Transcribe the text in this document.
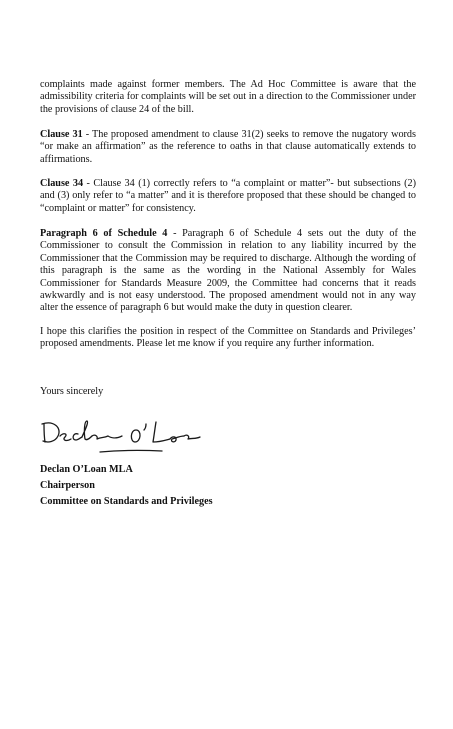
complaints made against former members. The Ad Hoc Committee is aware that the admissibility criteria for complaints will be set out in a direction to the Commissioner under the provisions of clause 24 of the bill.

Clause 31 - The proposed amendment to clause 31(2) seeks to remove the nugatory words “or make an affirmation” as the reference to oaths in that clause automatically extends to affirmations.

Clause 34 - Clause 34 (1) correctly refers to “a complaint or matter”- but subsections (2) and (3) only refer to “a matter” and it is therefore proposed that these should be changed to “complaint or matter” for consistency.

Paragraph 6 of Schedule 4 - Paragraph 6 of Schedule 4 sets out the duty of the Commissioner to consult the Commission in relation to any liability incurred by the Commissioner that the Commission may be required to discharge. Although the wording of this paragraph is the same as the wording in the National Assembly for Wales Commissioner for Standards Measure 2009, the Committee had concerns that it reads awkwardly and is not easy understood. The proposed amendment would not in any way alter the essence of paragraph 6 but would make the duty in question clearer.

I hope this clarifies the position in respect of the Committee on Standards and Privileges’ proposed amendments. Please let me know if you require any further information.

Yours sincerely

Declan O’Loan MLA
Chairperson
Committee on Standards and Privileges
